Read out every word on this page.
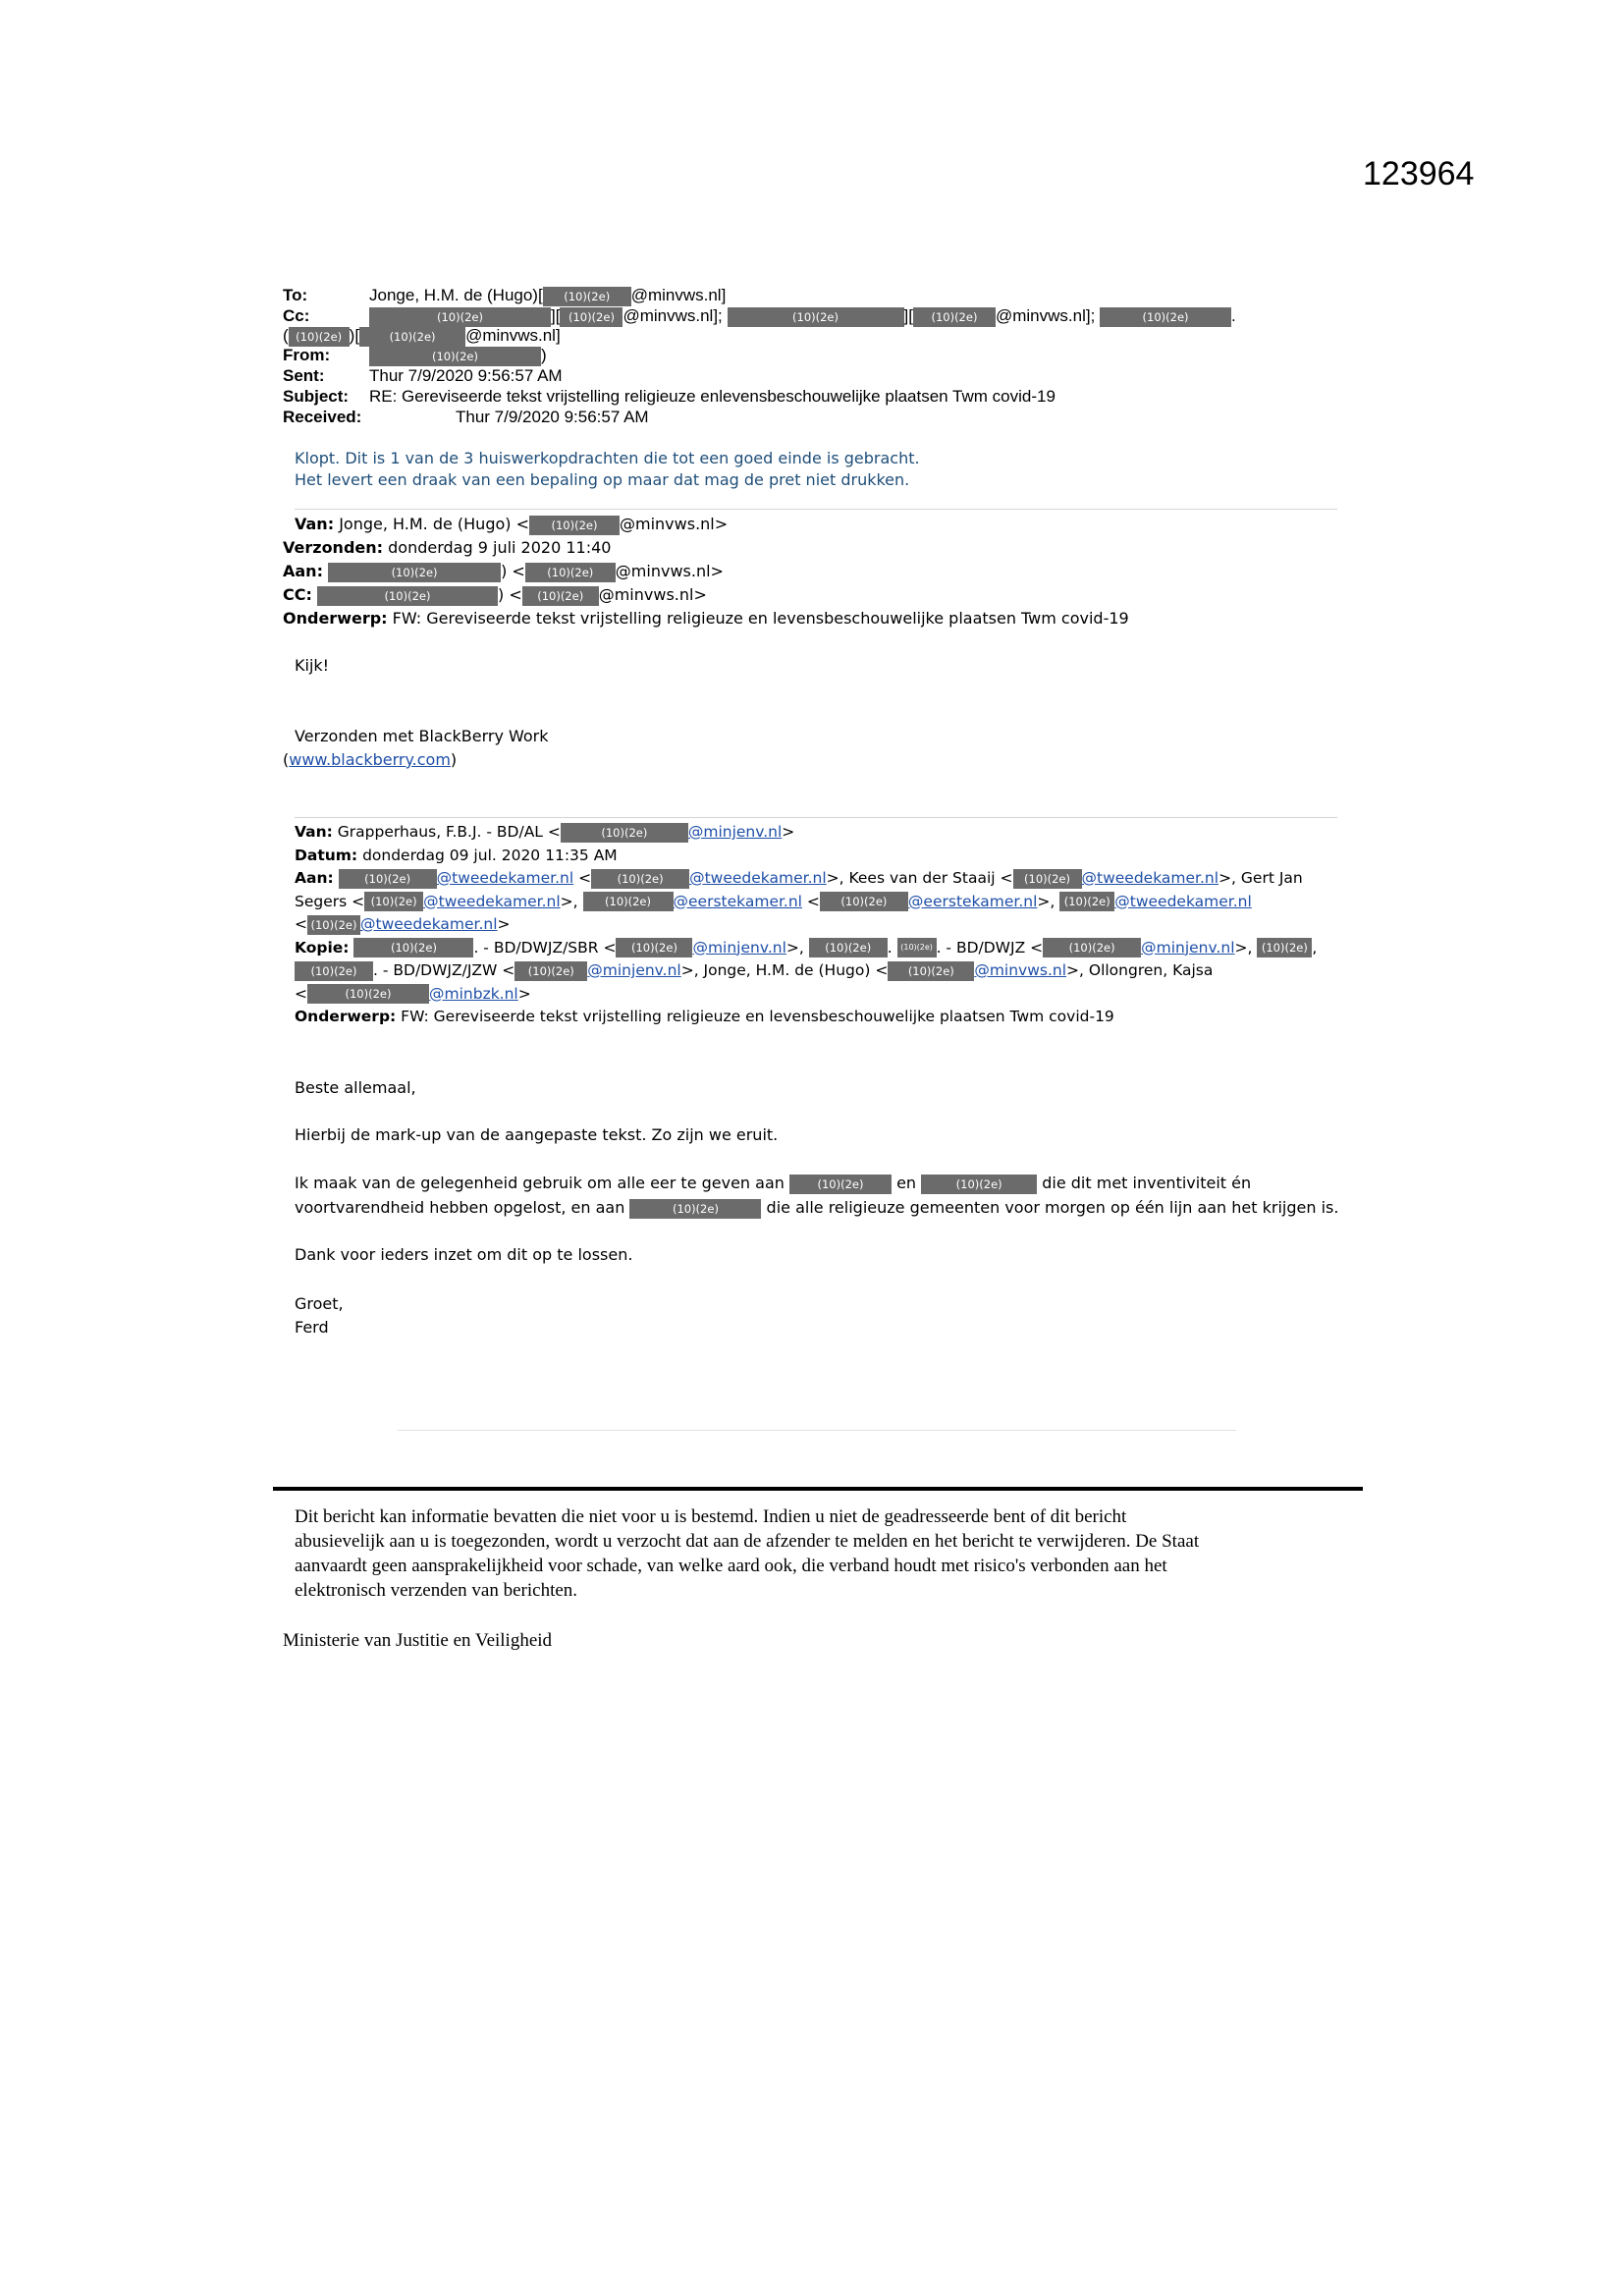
123964
To:	Jonge, H.M. de (Hugo)[ (10)(2e) @minvws.nl]
Cc:	(10)(2e)	][ (10)(2e) @minvws.nl];	(10)(2e)	][ (10)(2e) @minvws.nl];	(10)(2e)	.
( (10)(2e) )[	(10)(2e) @minvws.nl]
From:	(10)(2e)	)
Sent:	Thur 7/9/2020 9:56:57 AM
Subject: RE: Gereviseerde tekst vrijstelling religieuze enlevensbeschouwelijke plaatsen Twm covid-19
Received:	Thur 7/9/2020 9:56:57 AM
Klopt. Dit is 1 van de 3 huiswerkopdrachten die tot een goed einde is gebracht.
Het levert een draak van een bepaling op maar dat mag de pret niet drukken.
Van: Jonge, H.M. de (Hugo) < (10)(2e) @minvws.nl>
Verzonden: donderdag 9 juli 2020 11:40
Aan:	(10)(2e)	) < (10)(2e) @minvws.nl>
CC:	(10)(2e)	) < (10)(2e) @minvws.nl>
Onderwerp: FW: Gereviseerde tekst vrijstelling religieuze en levensbeschouwelijke plaatsen Twm covid-19
Kijk!
Verzonden met BlackBerry Work
(www.blackberry.com)
Van: Grapperhaus, F.B.J. - BD/AL <	(10)(2e)	@minjenv.nl>
Datum: donderdag 09 jul. 2020 11:35 AM
Aan:	(10)(2e) @tweedekamer.nl < (10)(2e) @tweedekamer.nl>, Kees van der Staaij < (10)(2e) @tweedekamer.nl>, Gert Jan
Segers < (10)(2e) @tweedekamer.nl>, (10)(2e) @eerstekamer.nl < (10)(2e) @eerstekamer.nl>, (10)(2e) @tweedekamer.nl
< (10)(2e) @tweedekamer.nl>
Kopie:	(10)(2e) . - BD/DWJZ/SBR < (10)(2e) @minjenv.nl>, (10)(2e) . (10)(2e) . - BD/DWJZ < (10)(2e) @minjenv.nl>, (10)(2e) ,
(10)(2e) . - BD/DWJZ/JZW < (10)(2e) @minjenv.nl>, Jonge, H.M. de (Hugo) < (10)(2e) @minvws.nl>, Ollongren, Kajsa
<	(10)(2e) @minbzk.nl>
Onderwerp: FW: Gereviseerde tekst vrijstelling religieuze en levensbeschouwelijke plaatsen Twm covid-19
Beste allemaal,
Hierbij de mark-up van de aangepaste tekst. Zo zijn we eruit.
Ik maak van de gelegenheid gebruik om alle eer te geven aan (10)(2e) en	(10)(2e) die dit met inventiviteit én
voortvarendheid hebben opgelost, en aan	(10)(2e)	die alle religieuze gemeenten voor morgen op één lijn aan het krijgen is.
Dank voor ieders inzet om dit op te lossen.
Groet,
Ferd
Dit bericht kan informatie bevatten die niet voor u is bestemd. Indien u niet de geadresseerde bent of dit bericht
abusievelijk aan u is toegezonden, wordt u verzocht dat aan de afzender te melden en het bericht te verwijderen. De Staat
aanvaardt geen aansprakelijkheid voor schade, van welke aard ook, die verband houdt met risico's verbonden aan het
elektronisch verzenden van berichten.
Ministerie van Justitie en Veiligheid
